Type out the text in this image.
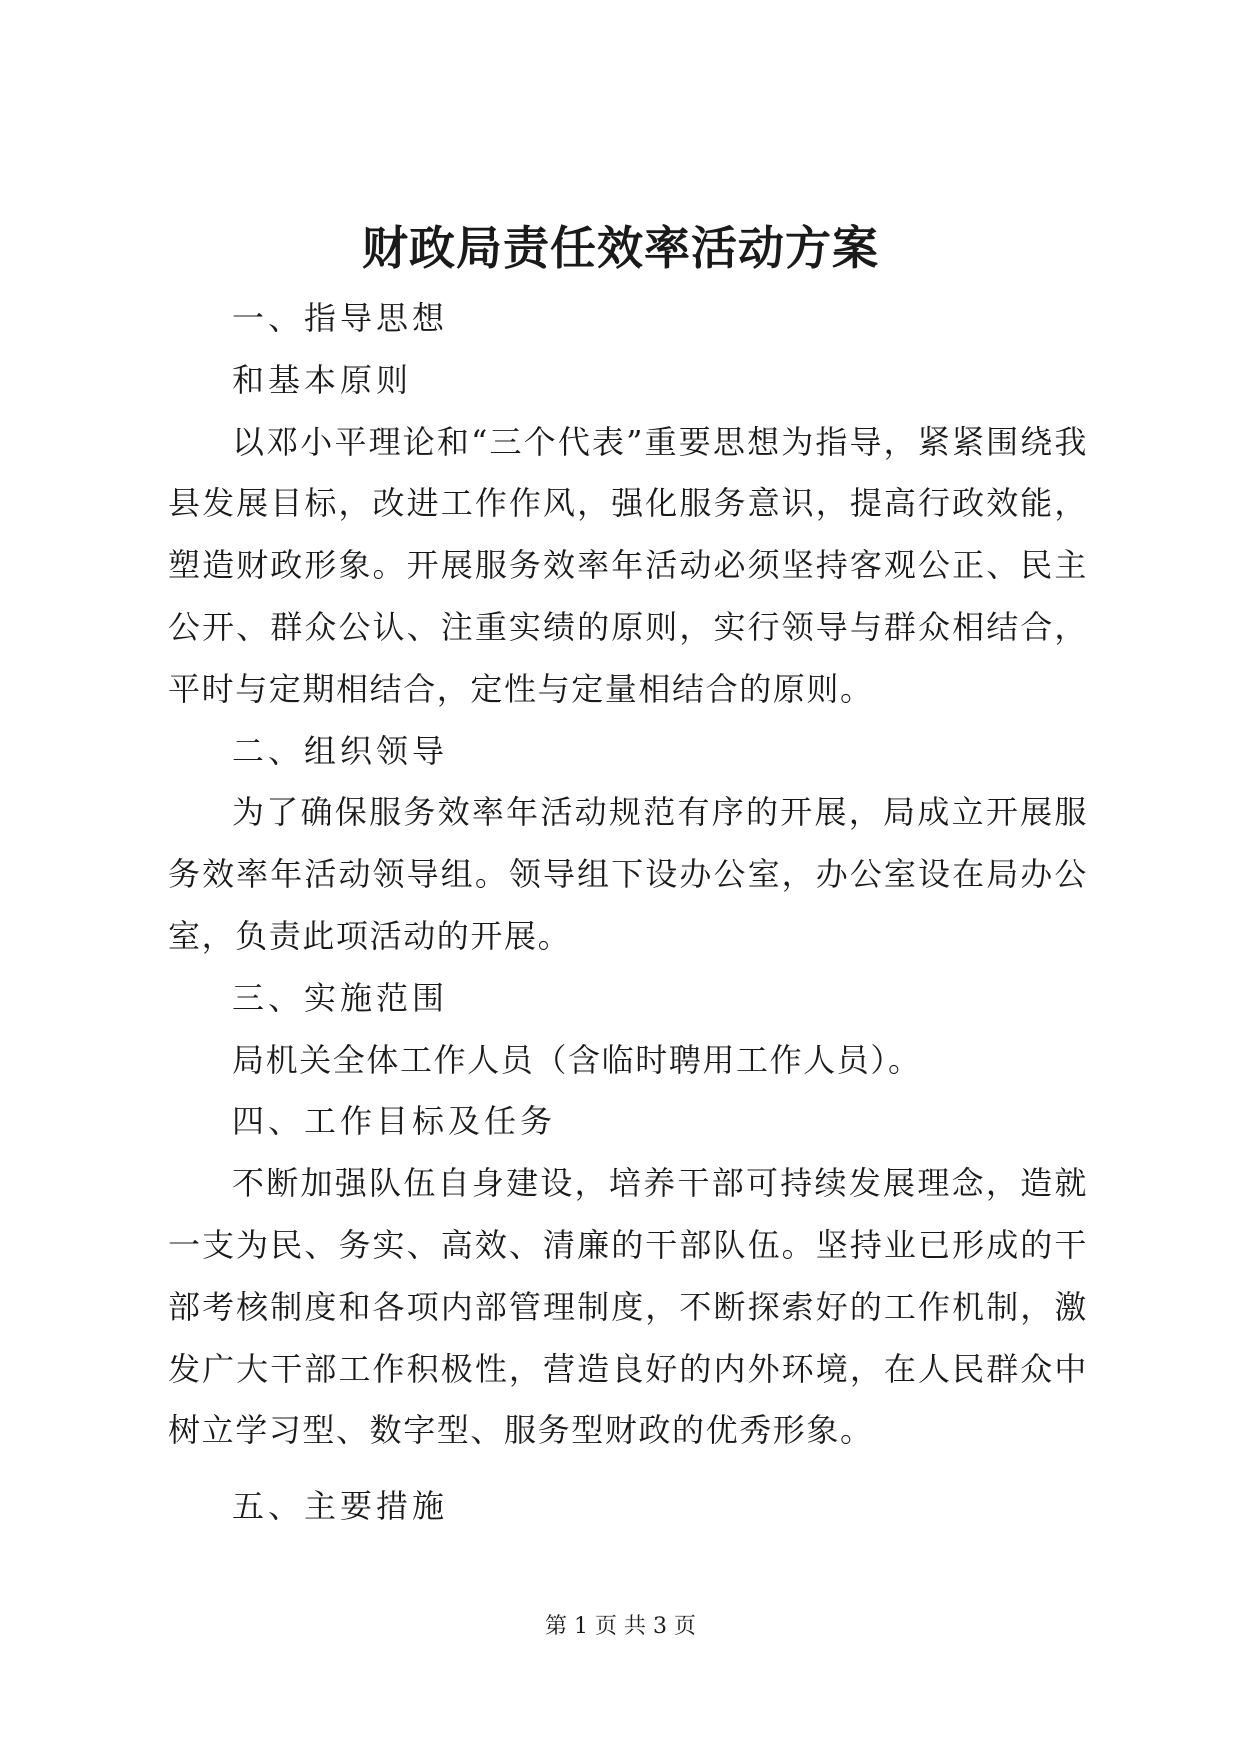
财政局责任效率活动方案

一、指导思想

和基本原则

以邓小平理论和“三个代表”重要思想为指导，紧紧围绕我县发展目标，改进工作作风，强化服务意识，提高行政效能，塑造财政形象。开展服务效率年活动必须坚持客观公正、民主公开、群众公认、注重实绩的原则，实行领导与群众相结合，平时与定期相结合，定性与定量相结合的原则。

二、组织领导

为了确保服务效率年活动规范有序的开展，局成立开展服务效率年活动领导组。领导组下设办公室，办公室设在局办公室，负责此项活动的开展。

三、实施范围

局机关全体工作人员（含临时聘用工作人员）。

四、工作目标及任务

不断加强队伍自身建设，培养干部可持续发展理念，造就一支为民、务实、高效、清廉的干部队伍。坚持业已形成的干部考核制度和各项内部管理制度，不断探索好的工作机制，激发广大干部工作积极性，营造良好的内外环境，在人民群众中树立学习型、数字型、服务型财政的优秀形象。

五、主要措施

第 1 页 共 3 页
